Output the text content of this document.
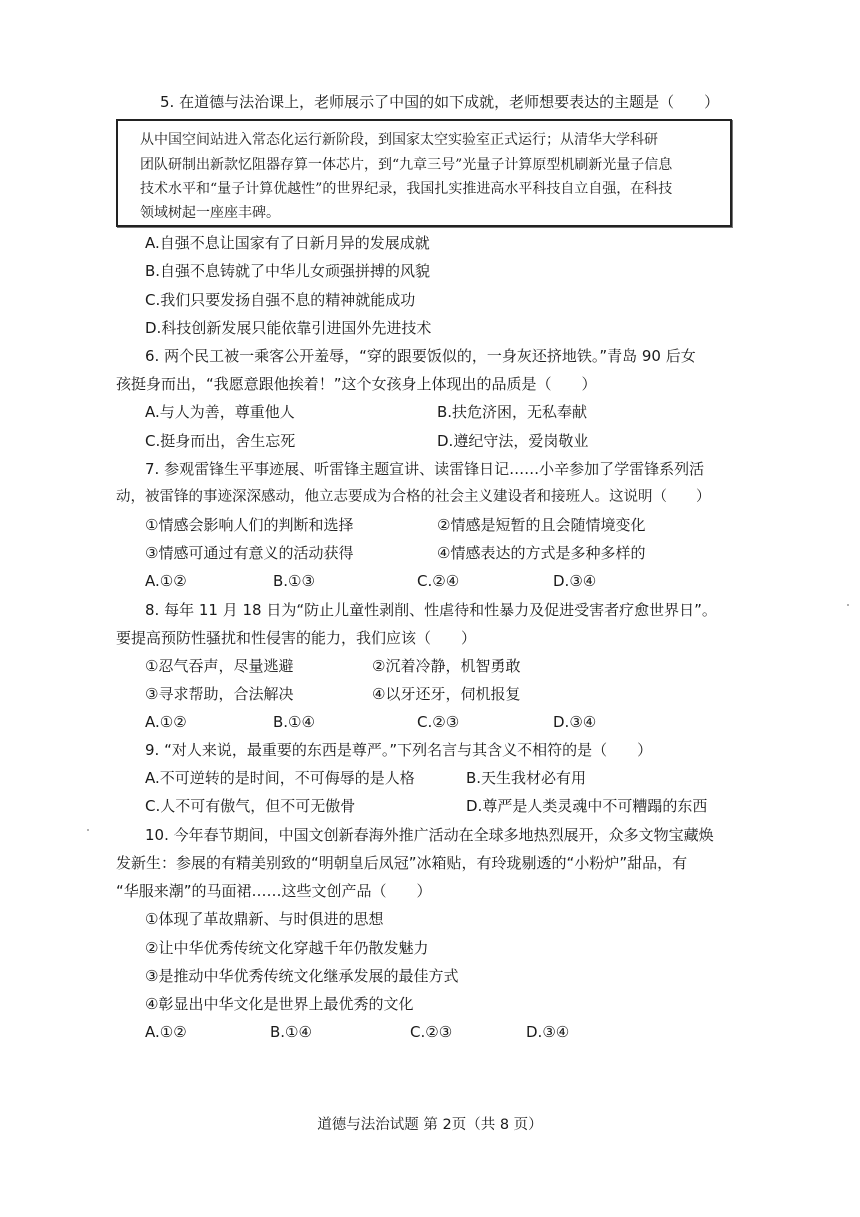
5. 在道德与法治课上，老师展示了中国的如下成就，老师想要表达的主题是（　　）
从中国空间站进入常态化运行新阶段，到国家太空实验室正式运行；从清华大学科研
团队研制出新款忆阻器存算一体芯片，到“九章三号”光量子计算原型机刷新光量子信息
技术水平和“量子计算优越性”的世界纪录，我国扎实推进高水平科技自立自强，在科技
领域树起一座座丰碑。
A.自强不息让国家有了日新月异的发展成就
B.自强不息铸就了中华儿女顽强拼搏的风貌
C.我们只要发扬自强不息的精神就能成功
D.科技创新发展只能依靠引进国外先进技术
6. 两个民工被一乘客公开羞辱，“穿的跟要饭似的，一身灰还挤地铁。”青岛 90 后女
孩挺身而出，“我愿意跟他挨着！”这个女孩身上体现出的品质是（　　）
A.与人为善，尊重他人	B.扶危济困，无私奉献
C.挺身而出，舍生忘死	D.遵纪守法，爱岗敬业
7. 参观雷锋生平事迹展、听雷锋主题宣讲、读雷锋日记……小辛参加了学雷锋系列活
动，被雷锋的事迹深深感动，他立志要成为合格的社会主义建设者和接班人。这说明（　　）
①情感会影响人们的判断和选择	②情感是短暂的且会随情境变化
③情感可通过有意义的活动获得	④情感表达的方式是多种多样的
A.①②	B.①③	C.②④	D.③④
8. 每年 11 月 18 日为“防止儿童性剥削、性虐待和性暴力及促进受害者疗愈世界日”。
要提高预防性骚扰和性侵害的能力，我们应该（　　）
①忍气吞声，尽量逃避	②沉着冷静，机智勇敢
③寻求帮助，合法解决	④以牙还牙，伺机报复
A.①②	B.①④	C.②③	D.③④
9. “对人来说，最重要的东西是尊严。”下列名言与其含义不相符的是（　　）
A.不可逆转的是时间，不可侮辱的是人格	B.天生我材必有用
C.人不可有傲气，但不可无傲骨	D.尊严是人类灵魂中不可糟蹋的东西
10. 今年春节期间，中国文创新春海外推广活动在全球多地热烈展开，众多文物宝藏焕
发新生：参展的有精美别致的“明朝皇后凤冠”冰箱贴，有玲珑剔透的“小粉炉”甜品，有
“华服来潮”的马面裙……这些文创产品（　　）
①体现了革故鼎新、与时俱进的思想
②让中华优秀传统文化穿越千年仍散发魅力
③是推动中华优秀传统文化继承发展的最佳方式
④彰显出中华文化是世界上最优秀的文化
A.①②	B.①④	C.②③	D.③④
道德与法治试题 第 2页（共 8 页）
